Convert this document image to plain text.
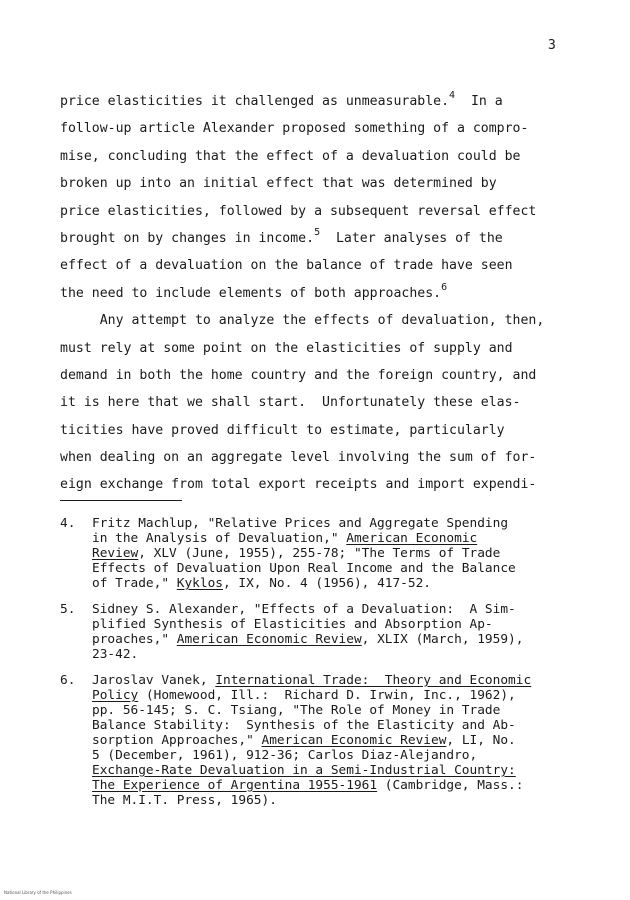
3
price elasticities it challenged as unmeasurable.$^4$  In a
follow-up article Alexander proposed something of a compro-
mise, concluding that the effect of a devaluation could be
broken up into an initial effect that was determined by
price elasticities, followed by a subsequent reversal effect
brought on by changes in income.$^5$  Later analyses of the
effect of a devaluation on the balance of trade have seen
the need to include elements of both approaches.$^6$
Any attempt to analyze the effects of devaluation, then,
must rely at some point on the elasticities of supply and
demand in both the home country and the foreign country, and
it is here that we shall start.  Unfortunately these elas-
ticities have proved difficult to estimate, particularly
when dealing on an aggregate level involving the sum of for-
eign exchange from total export receipts and import expendi-
4.	Fritz Machlup, "Relative Prices and Aggregate Spending
in the Analysis of Devaluation," American Economic
Review, XLV (June, 1955), 255-78; "The Terms of Trade
Effects of Devaluation Upon Real Income and the Balance
of Trade," Kyklos, IX, No. 4 (1956), 417-52.
5.	Sidney S. Alexander, "Effects of a Devaluation:  A Sim-
plified Synthesis of Elasticities and Absorption Ap-
proaches," American Economic Review, XLIX (March, 1959),
23-42.
6.	Jaroslav Vanek, International Trade:  Theory and Economic
Policy (Homewood, Ill.:  Richard D. Irwin, Inc., 1962),
pp. 56-145; S. C. Tsiang, "The Role of Money in Trade
Balance Stability:  Synthesis of the Elasticity and Ab-
sorption Approaches," American Economic Review, LI, No.
5 (December, 1961), 912-36; Carlos Diaz-Alejandro,
Exchange-Rate Devaluation in a Semi-Industrial Country:
The Experience of Argentina 1955-1961 (Cambridge, Mass.:
The M.I.T. Press, 1965).
National Library of the Philippines
